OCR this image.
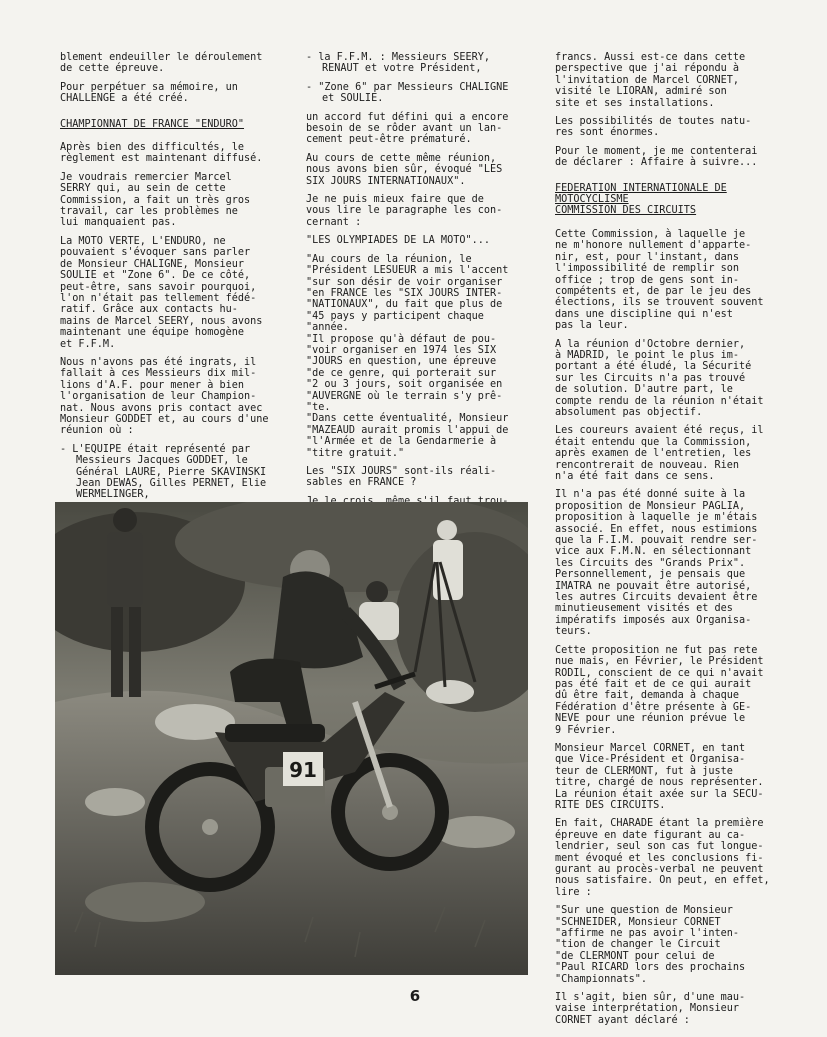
blement endeuiller le déroulement
de cette épreuve.

Pour perpétuer sa mémoire, un
CHALLENGE a été créé.

CHAMPIONNAT DE FRANCE "ENDURO"

Après bien des difficultés, le
règlement est maintenant diffusé.

Je voudrais remercier Marcel
SERRY qui, au sein de cette
Commission, a fait un très gros
travail, car les problèmes ne
lui manquaient pas.

La MOTO VERTE, L'ENDURO, ne
pouvaient s'évoquer sans parler
de Monsieur CHALIGNE, Monsieur
SOULIE et "Zone 6". De ce côté,
peut-être, sans savoir pourquoi,
l'on n'était pas tellement fédé-
ratif. Grâce aux contacts hu-
mains de Marcel SEERY, nous avons
maintenant une équipe homogène
et F.F.M.

Nous n'avons pas été ingrats, il
fallait à ces Messieurs dix mil-
lions d'A.F. pour mener à bien
l'organisation de leur Champion-
nat. Nous avons pris contact avec
Monsieur GODDET et, au cours d'une
réunion où :

- L'EQUIPE était représenté par
Messieurs Jacques GODDET, le
Général LAURE, Pierre SKAVINSKI
Jean DEWAS, Gilles PERNET, Elie
WERMELINGER,

- la F.F.M. : Messieurs SEERY,
RENAUT et votre Président,

- "Zone 6" par Messieurs CHALIGNE
et SOULIE.

un accord fut défini qui a encore
besoin de se rôder avant un lan-
cement peut-être prématuré.

Au cours de cette même réunion,
nous avons bien sûr, évoqué "LES
SIX JOURS INTERNATIONAUX".

Je ne puis mieux faire que de
vous lire le paragraphe les con-
cernant :

"LES OLYMPIADES DE LA MOTO"...

"Au cours de la réunion, le
"Président LESUEUR a mis l'accent
"sur son désir de voir organiser
"en FRANCE les "SIX JOURS INTER-
"NATIONAUX", du fait que plus de
"45 pays y participent chaque
"année.
"Il propose qu'à défaut de pou-
"voir organiser en 1974 les SIX
"JOURS en question, une épreuve
"de ce genre, qui porterait sur
"2 ou 3 jours, soit organisée en
"AUVERGNE où le terrain s'y prê-
"te.
"Dans cette éventualité, Monsieur
"MAZEAUD aurait promis l'appui de
"l'Armée et de la Gendarmerie à
"titre gratuit."

Les "SIX JOURS" sont-ils réali-
sables en FRANCE ?

francs. Aussi est-ce dans cette
perspective que j'ai répondu à
l'invitation de Marcel CORNET,
visité le LIORAN, admiré son
site et ses installations.

Les possibilités de toutes natu-
res sont énormes.

Pour le moment, je me contenterai
de déclarer : Affaire à suivre...

FEDERATION INTERNATIONALE DE
MOTOCYCLISME
COMMISSION DES CIRCUITS

Cette Commission, à laquelle je
ne m'honore nullement d'apparte-
nir, est, pour l'instant, dans
l'impossibilité de remplir son
office ; trop de gens sont in-
compétents et, de par le jeu des
élections, ils se trouvent souvent
dans une discipline qui n'est
pas la leur.

A la réunion d'Octobre dernier,
à MADRID, le point le plus im-
portant a été éludé, la Sécurité
sur les Circuits n'a pas trouvé
de solution. D'autre part, le
compte rendu de la réunion n'était
absolument pas objectif.

Les coureurs avaient été reçus, il
était entendu que la Commission,
après examen de l'entretien, les
rencontrerait de nouveau. Rien
n'a été fait dans ce sens.

Il n'a pas été donné suite à la
proposition de Monsieur PAGLIA,
proposition à laquelle je m'étais
associé. En effet, nous estimions
que la F.I.M. pouvait rendre ser-
vice aux F.M.N. en sélectionnant
les Circuits des "Grands Prix".
Personnellement, je pensais que
IMATRA ne pouvait être autorisé,
les autres Circuits devaient être
minutieusement visités et des
impératifs imposés aux Organisa-
teurs.

Cette proposition ne fut pas rete
nue mais, en Février, le Président
RODIL, conscient de ce qui n'avait
pas été fait et de ce qui aurait
dû être fait, demanda à chaque
Fédération d'être présente à GE-
NEVE pour une réunion prévue le
9 Février.

Monsieur Marcel CORNET, en tant
que Vice-Président et Organisa-
teur de CLERMONT, fut à juste
titre, chargé de nous représenter.
La réunion était axée sur la SECU-
RITE DES CIRCUITS.

En fait, CHARADE étant la première
épreuve en date figurant au ca-
lendrier, seul son cas fut longue-
ment évoqué et les conclusions fi-
gurant au procès-verbal ne peuvent
nous satisfaire. On peut, en effet,
lire :

"Sur une question de Monsieur
"SCHNEIDER, Monsieur CORNET
"affirme ne pas avoir l'inten-
"tion de changer le Circuit
"de CLERMONT pour celui de
"Paul RICARD lors des prochains
"Championnats".

Il s'agit, bien sûr, d'une mau-
vaise interprétation, Monsieur
CORNET ayant déclaré :

91
6
